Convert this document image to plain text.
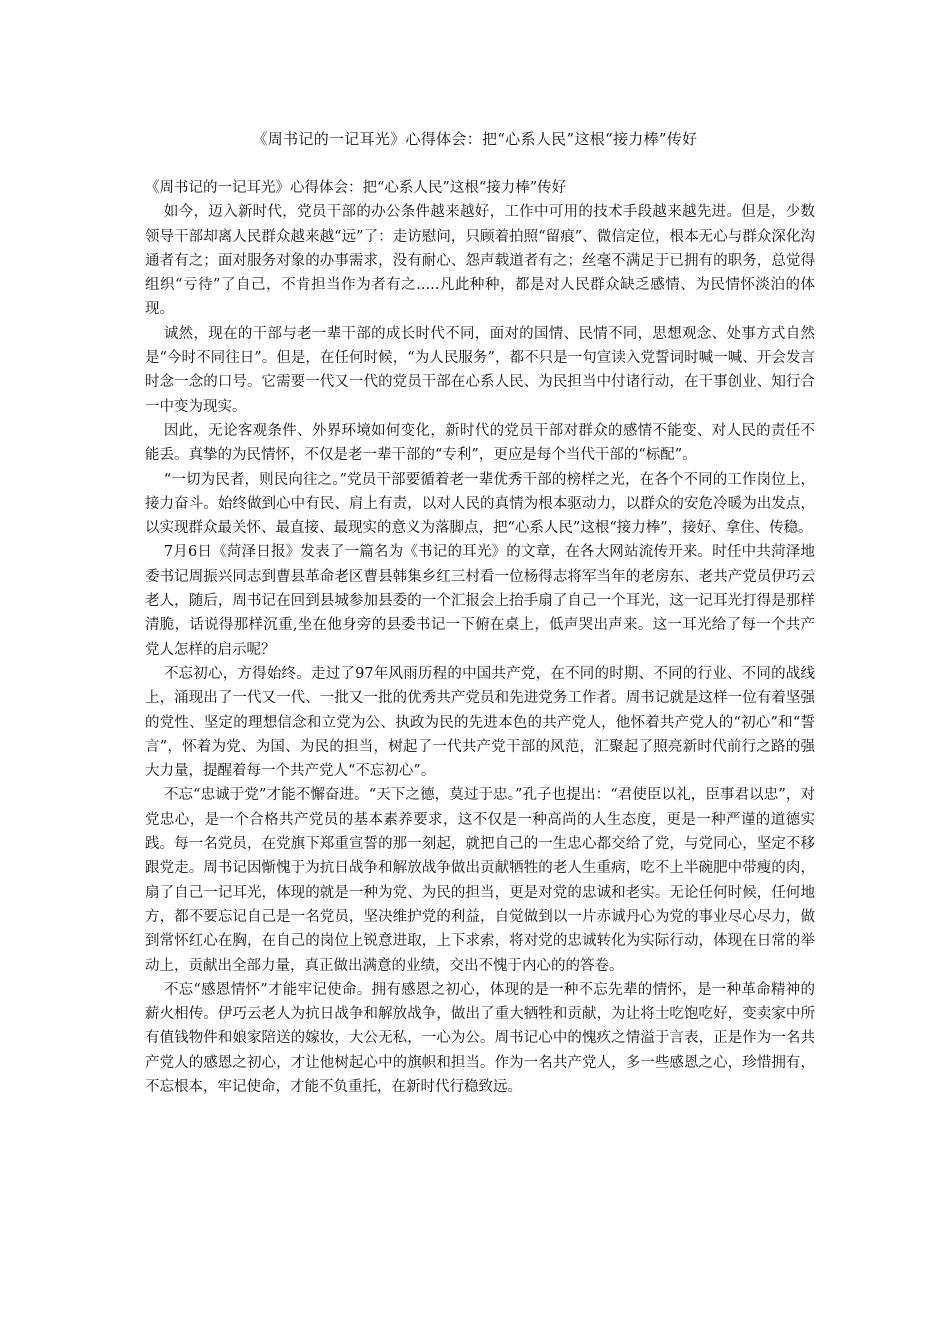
《周书记的一记耳光》心得体会：把“心系人民”这根“接力棒”传好

《周书记的一记耳光》心得体会：把“心系人民”这根“接力棒”传好

如今，迈入新时代，党员干部的办公条件越来越好，工作中可用的技术手段越来越先进。但是，少数领导干部却离人民群众越来越“远”了：走访慰问，只顾着拍照“留痕”、微信定位，根本无心与群众深化沟通者有之；面对服务对象的办事需求，没有耐心、怨声载道者有之；丝毫不满足于已拥有的职务，总觉得组织“亏待”了自己，不肯担当作为者有之.....凡此种种，都是对人民群众缺乏感情、为民情怀淡泊的体现。

诚然，现在的干部与老一辈干部的成长时代不同，面对的国情、民情不同，思想观念、处事方式自然是“今时不同往日”。但是，在任何时候，“为人民服务”，都不只是一句宣读入党誓词时喊一喊、开会发言时念一念的口号。它需要一代又一代的党员干部在心系人民、为民担当中付诸行动，在干事创业、知行合一中变为现实。

因此，无论客观条件、外界环境如何变化，新时代的党员干部对群众的感情不能变、对人民的责任不能丢。真挚的为民情怀，不仅是老一辈干部的“专利”，更应是每个当代干部的“标配”。

“一切为民者，则民向往之。”党员干部要循着老一辈优秀干部的榜样之光，在各个不同的工作岗位上，接力奋斗。始终做到心中有民、肩上有责，以对人民的真情为根本驱动力，以群众的安危冷暖为出发点，以实现群众最关怀、最直接、最现实的意义为落脚点，把“心系人民”这根“接力棒”，接好、拿住、传稳。

7月6日《菏泽日报》发表了一篇名为《书记的耳光》的文章，在各大网站流传开来。时任中共菏泽地委书记周振兴同志到曹县革命老区曹县韩集乡红三村看一位杨得志将军当年的老房东、老共产党员伊巧云老人，随后，周书记在回到县城参加县委的一个汇报会上抬手扇了自己一个耳光，这一记耳光打得是那样清脆，话说得那样沉重,坐在他身旁的县委书记一下俯在桌上，低声哭出声来。这一耳光给了每一个共产党人怎样的启示呢？

不忘初心，方得始终。走过了97年风雨历程的中国共产党，在不同的时期、不同的行业、不同的战线上，涌现出了一代又一代、一批又一批的优秀共产党员和先进党务工作者。周书记就是这样一位有着坚强的党性、坚定的理想信念和立党为公、执政为民的先进本色的共产党人，他怀着共产党人的“初心”和“誓言”，怀着为党、为国、为民的担当，树起了一代共产党干部的风范，汇聚起了照亮新时代前行之路的强大力量，提醒着每一个共产党人“不忘初心”。

不忘“忠诚于党”才能不懈奋进。“天下之德，莫过于忠。”孔子也提出：“君使臣以礼，臣事君以忠”，对党忠心，是一个合格共产党员的基本素养要求，这不仅是一种高尚的人生态度，更是一种严谨的道德实践。每一名党员，在党旗下郑重宣誓的那一刻起，就把自己的一生忠心都交给了党，与党同心，坚定不移跟党走。周书记因惭愧于为抗日战争和解放战争做出贡献牺牲的老人生重病，吃不上半碗肥中带瘦的肉，扇了自己一记耳光，体现的就是一种为党、为民的担当，更是对党的忠诚和老实。无论任何时候，任何地方，都不要忘记自己是一名党员，坚决维护党的利益，自觉做到以一片赤诚丹心为党的事业尽心尽力，做到常怀红心在胸，在自己的岗位上锐意进取，上下求索，将对党的忠诚转化为实际行动，体现在日常的举动上，贡献出全部力量，真正做出满意的业绩，交出不愧于内心的的答卷。

不忘“感恩情怀”才能牢记使命。拥有感恩之初心，体现的是一种不忘先辈的情怀，是一种革命精神的薪火相传。伊巧云老人为抗日战争和解放战争，做出了重大牺牲和贡献，为让将士吃饱吃好，变卖家中所有值钱物件和娘家陪送的嫁妆，大公无私，一心为公。周书记心中的愧疚之情溢于言表，正是作为一名共产党人的感恩之初心，才让他树起心中的旗帜和担当。作为一名共产党人，多一些感恩之心，珍惜拥有，不忘根本，牢记使命，才能不负重托，在新时代行稳致远。
